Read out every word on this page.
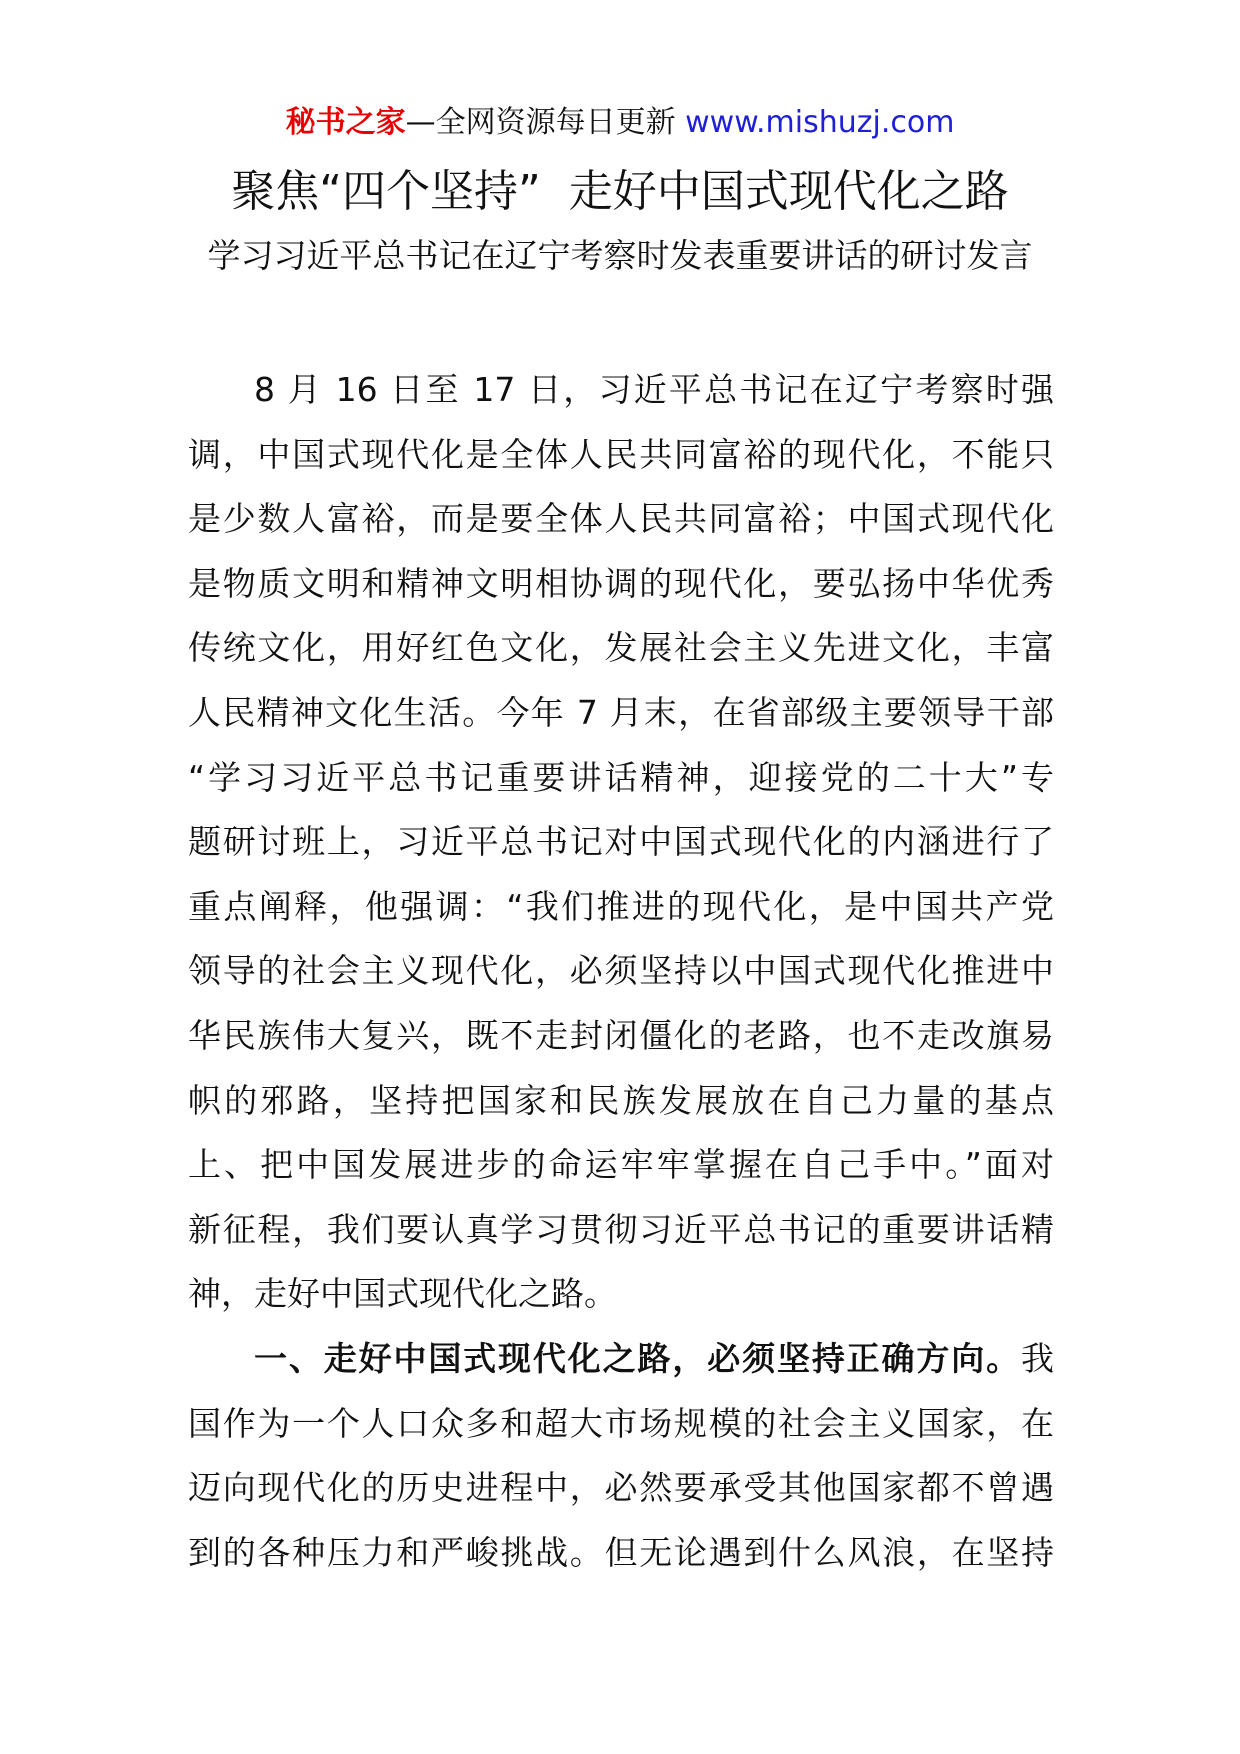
秘书之家—全网资源每日更新 www.mishuzj.com
聚焦“四个坚持”  走好中国式现代化之路
学习习近平总书记在辽宁考察时发表重要讲话的研讨发言
8 月 16 日至 17 日，习近平总书记在辽宁考察时强
调，中国式现代化是全体人民共同富裕的现代化，不能只
是少数人富裕，而是要全体人民共同富裕；中国式现代化
是物质文明和精神文明相协调的现代化，要弘扬中华优秀
传统文化，用好红色文化，发展社会主义先进文化，丰富
人民精神文化生活。今年 7 月末，在省部级主要领导干部
“学习习近平总书记重要讲话精神，迎接党的二十大”专
题研讨班上，习近平总书记对中国式现代化的内涵进行了
重点阐释，他强调：“我们推进的现代化，是中国共产党
领导的社会主义现代化，必须坚持以中国式现代化推进中
华民族伟大复兴，既不走封闭僵化的老路，也不走改旗易
帜的邪路，坚持把国家和民族发展放在自己力量的基点
上、把中国发展进步的命运牢牢掌握在自己手中。”面对
新征程，我们要认真学习贯彻习近平总书记的重要讲话精
神，走好中国式现代化之路。
一、走好中国式现代化之路，必须坚持正确方向。我
国作为一个人口众多和超大市场规模的社会主义国家，在
迈向现代化的历史进程中，必然要承受其他国家都不曾遇
到的各种压力和严峻挑战。但无论遇到什么风浪，在坚持
